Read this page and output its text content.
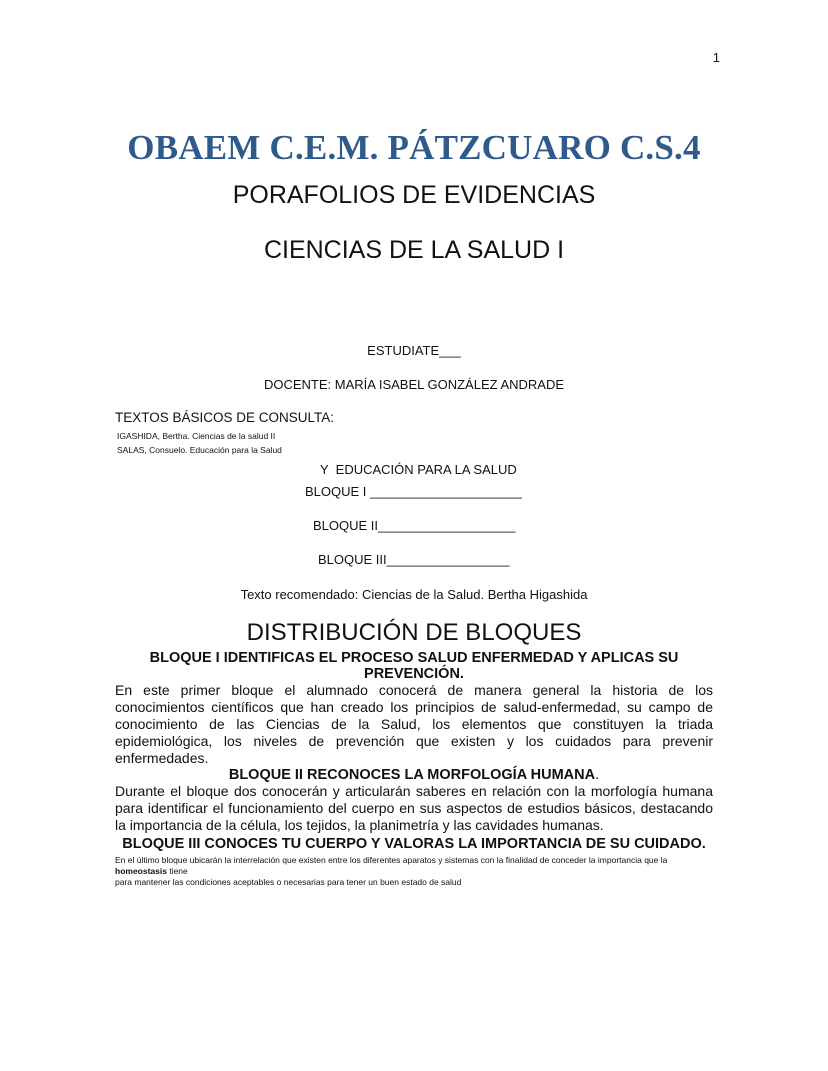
1
OBAEM C.E.M. PÁTZCUARO C.S.4
PORAFOLIOS DE EVIDENCIAS
CIENCIAS DE LA SALUD I
ESTUDIATE___
DOCENTE: MARÍA ISABEL GONZÁLEZ ANDRADE
TEXTOS BÁSICOS DE CONSULTA:
IGASHIDA, Bertha. Ciencias de la salud II
SALAS, Consuelo. Educación para la Salud
Y  EDUCACIÓN PARA LA SALUD
BLOQUE I _____________________
BLOQUE II___________________
BLOQUE III_________________
Texto recomendado: Ciencias de la Salud. Bertha Higashida
DISTRIBUCIÓN DE BLOQUES
BLOQUE I IDENTIFICAS EL PROCESO SALUD ENFERMEDAD Y APLICAS SU PREVENCIÓN.
En este primer bloque el alumnado conocerá de manera general la historia de los conocimientos científicos que han creado los principios de salud-enfermedad, su campo de conocimiento de las Ciencias de la Salud, los elementos que constituyen la triada epidemiológica, los niveles de prevención que existen y los cuidados para prevenir enfermedades.
BLOQUE II RECONOCES LA MORFOLOGÍA HUMANA.
Durante el bloque dos conocerán y articularán saberes en relación con la morfología humana para identificar el funcionamiento del cuerpo en sus aspectos de estudios básicos, destacando la importancia de la célula, los tejidos, la planimetría y las cavidades humanas.
BLOQUE III CONOCES TU CUERPO Y VALORAS LA IMPORTANCIA DE SU CUIDADO.
En el último bloque ubicarán la interrelación que existen entre los diferentes aparatos y sistemas con la finalidad de conceder la importancia que la homeostasis tiene
para mantener las condiciones aceptables o necesarias para tener un buen estado de salud
